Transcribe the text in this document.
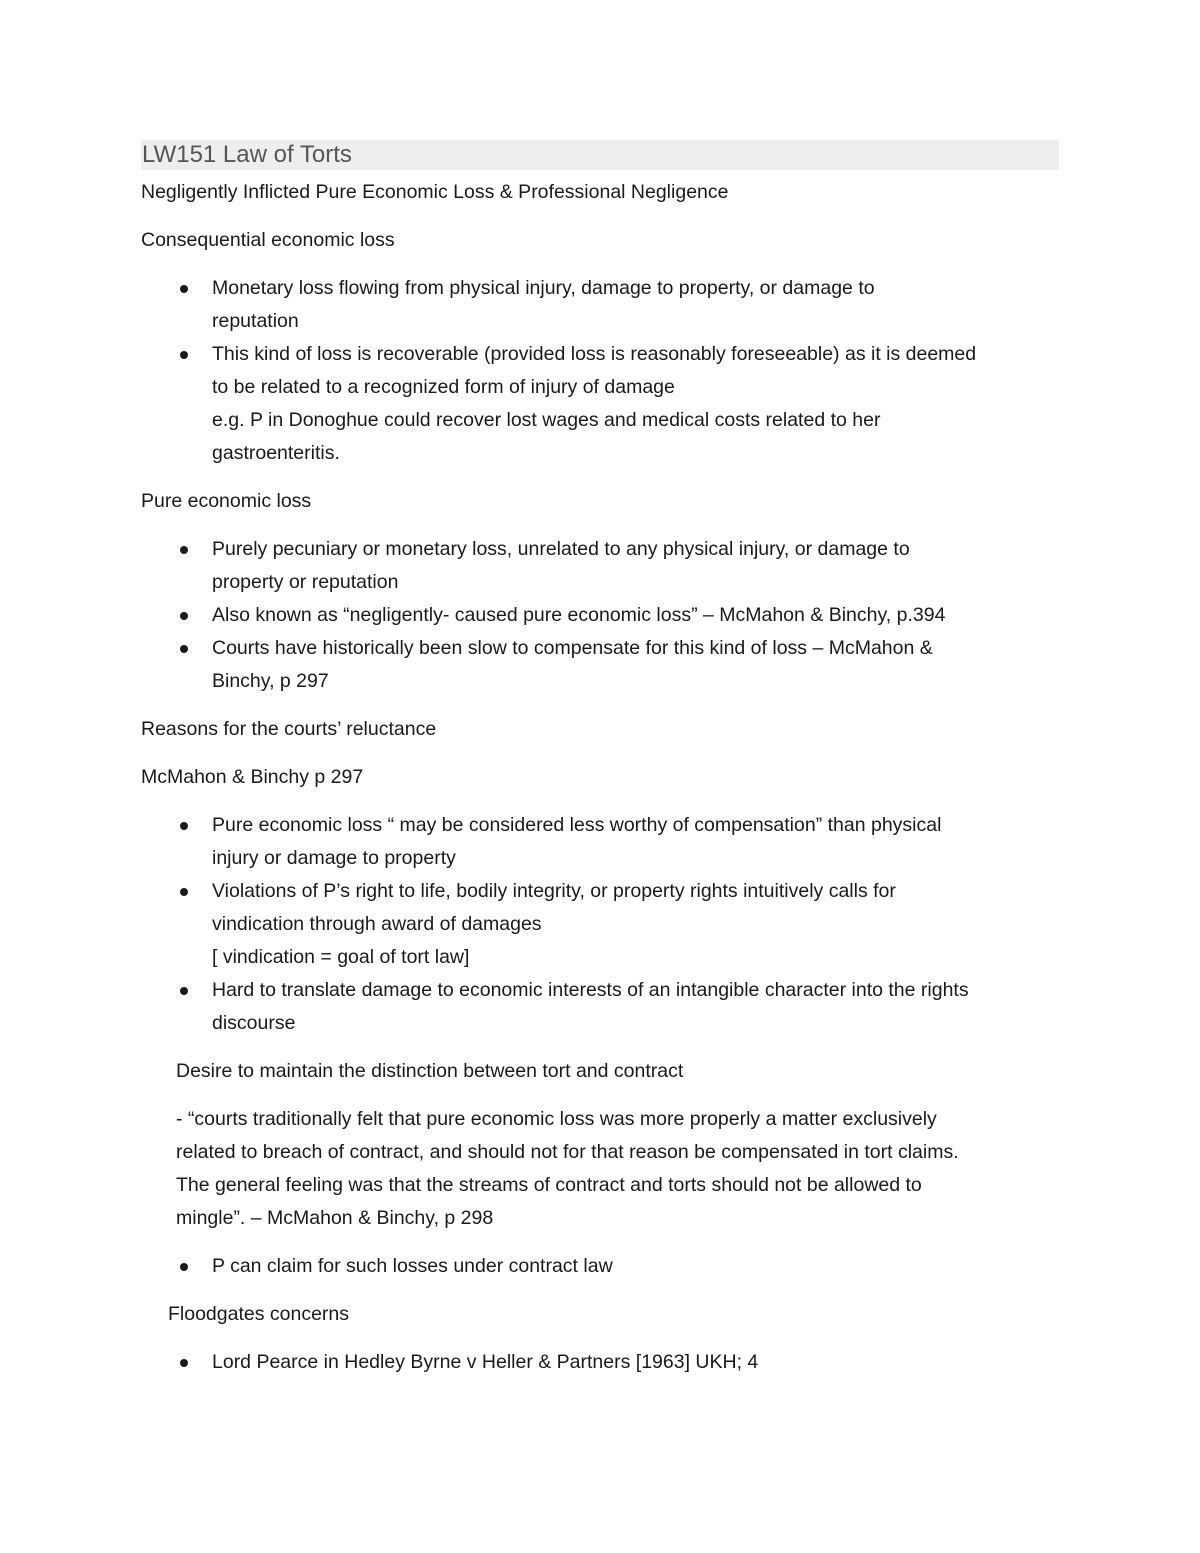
LW151 Law of Torts

Negligently Inflicted Pure Economic Loss & Professional Negligence

Consequential economic loss

Monetary loss flowing from physical injury, damage to property, or damage to
reputation
This kind of loss is recoverable (provided loss is reasonably foreseeable) as it is deemed
to be related to a recognized form of injury of damage
e.g. P in Donoghue could recover lost wages and medical costs related to her
gastroenteritis.

Pure economic loss

Purely pecuniary or monetary loss, unrelated to any physical injury, or damage to
property or reputation
Also known as “negligently- caused pure economic loss” – McMahon & Binchy, p.394
Courts have historically been slow to compensate for this kind of loss – McMahon &
Binchy, p 297

Reasons for the courts’ reluctance

McMahon & Binchy p 297

Pure economic loss “ may be considered less worthy of compensation” than physical
injury or damage to property
Violations of P’s right to life, bodily integrity, or property rights intuitively calls for
vindication through award of damages
[ vindication = goal of tort law]
Hard to translate damage to economic interests of an intangible character into the rights
discourse

Desire to maintain the distinction between tort and contract

- “courts traditionally felt that pure economic loss was more properly a matter exclusively
related to breach of contract, and should not for that reason be compensated in tort claims.
The general feeling was that the streams of contract and torts should not be allowed to
mingle”. – McMahon & Binchy, p 298

P can claim for such losses under contract law

Floodgates concerns

Lord Pearce in Hedley Byrne v Heller & Partners [1963] UKH; 4
